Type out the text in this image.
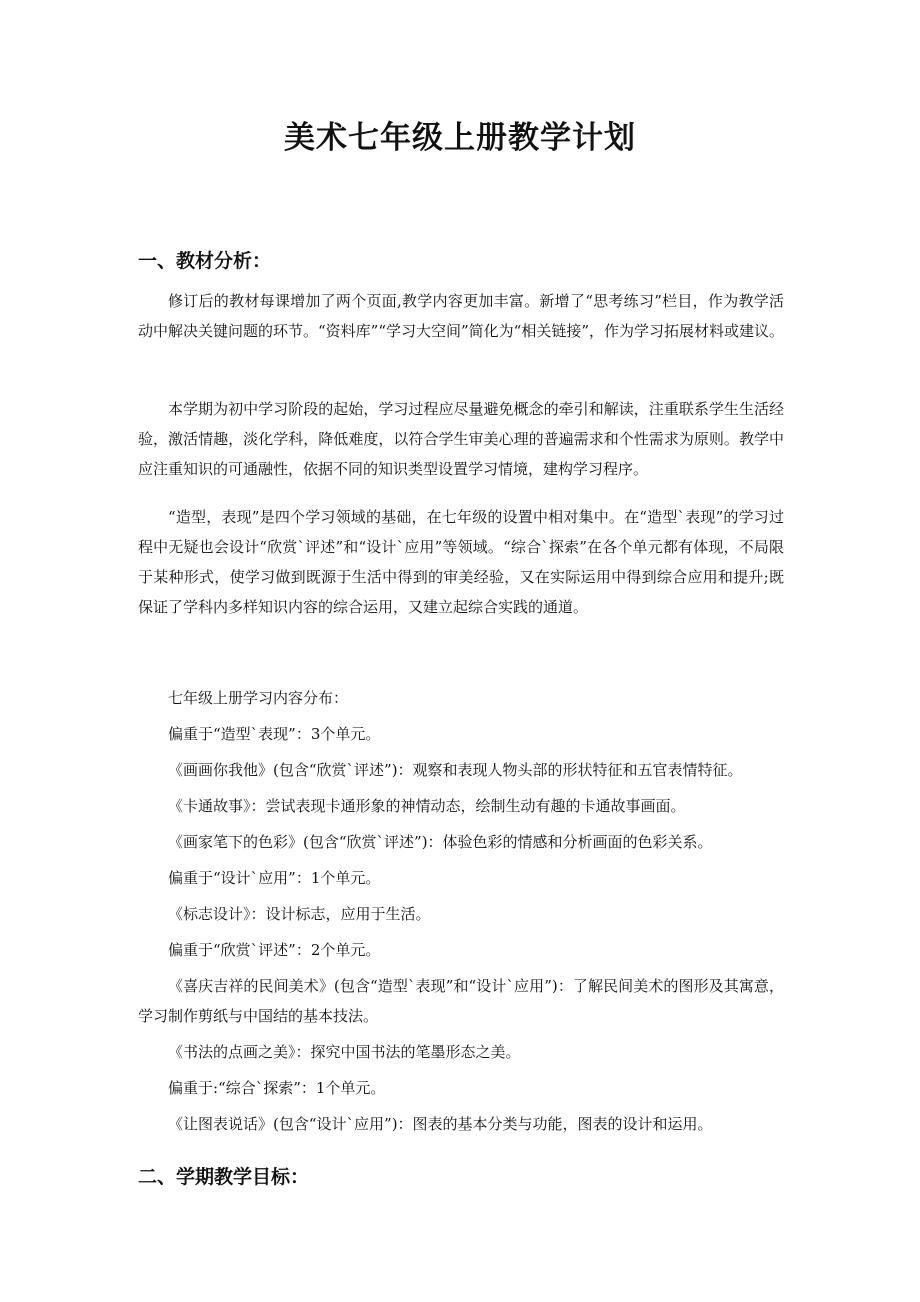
美术七年级上册教学计划
一、教材分析：

修订后的教材每课增加了两个页面,教学内容更加丰富。新增了“思考练习”栏目，作为教学活动中解决关键问题的环节。“资料库”“学习大空间”简化为“相关链接”，作为学习拓展材料或建议。

本学期为初中学习阶段的起始，学习过程应尽量避免概念的牵引和解读，注重联系学生生活经验，激活情趣，淡化学科，降低难度，以符合学生审美心理的普遍需求和个性需求为原则。教学中应注重知识的可通融性，依据不同的知识类型设置学习情境，建构学习程序。

“造型，表现”是四个学习领域的基础，在七年级的设置中相对集中。在“造型`表现”的学习过程中无疑也会设计“欣赏`评述”和“设计`应用”等领域。“综合`探索”在各个单元都有体现，不局限于某种形式，使学习做到既源于生活中得到的审美经验，又在实际运用中得到综合应用和提升;既保证了学科内多样知识内容的综合运用，又建立起综合实践的通道。

七年级上册学习内容分布：

偏重于“造型`表现”：3个单元。

《画画你我他》(包含“欣赏`评述”)：观察和表现人物头部的形状特征和五官表情特征。

《卡通故事》：尝试表现卡通形象的神情动态，绘制生动有趣的卡通故事画面。

《画家笔下的色彩》(包含“欣赏`评述”)：体验色彩的情感和分析画面的色彩关系。

偏重于“设计`应用”：1个单元。

《标志设计》：设计标志，应用于生活。

偏重于“欣赏`评述”：2个单元。

《喜庆吉祥的民间美术》(包含“造型`表现”和“设计`应用”)：了解民间美术的图形及其寓意，学习制作剪纸与中国结的基本技法。

《书法的点画之美》：探究中国书法的笔墨形态之美。

偏重于:“综合`探索”：1个单元。

《让图表说话》(包含“设计`应用”)：图表的基本分类与功能，图表的设计和运用。

二、学期教学目标：
